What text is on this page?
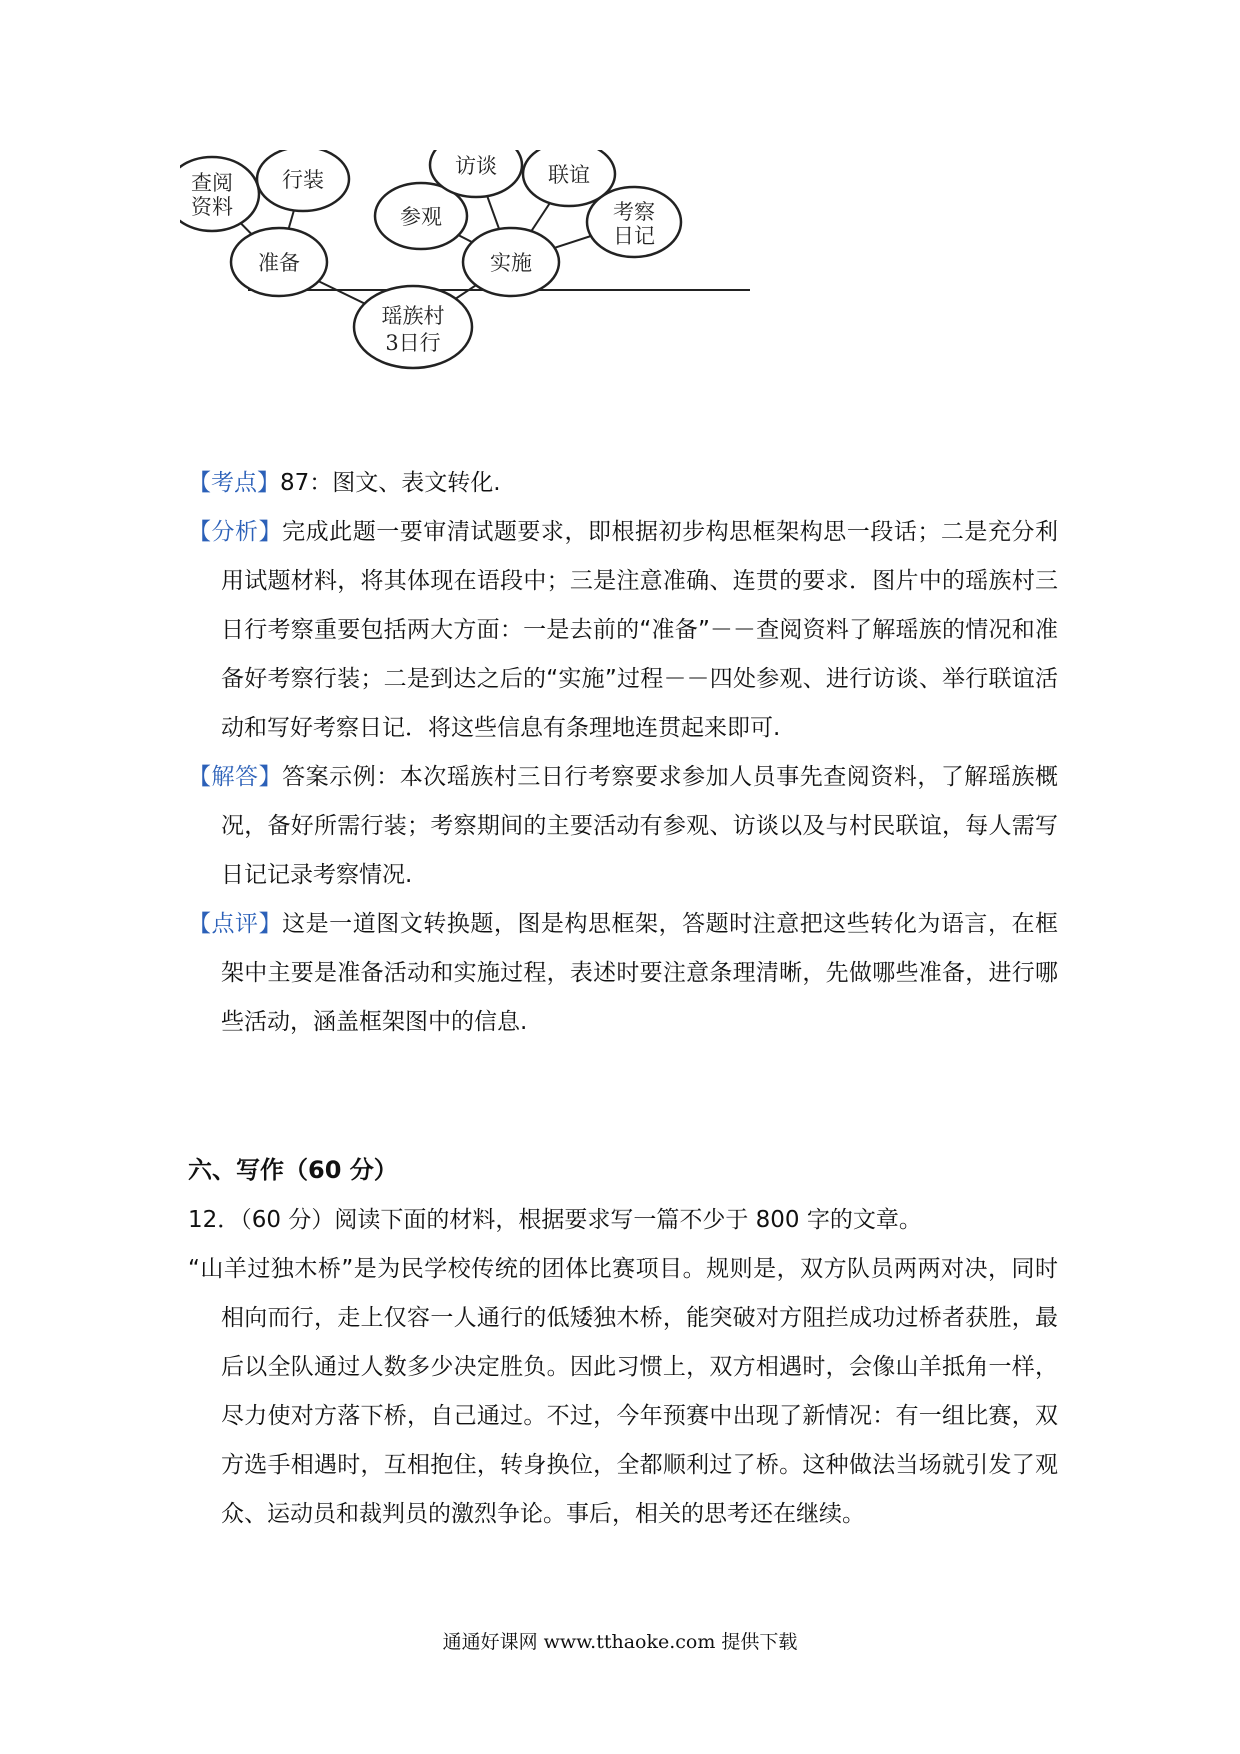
查阅
资料
行装
准备
参观
访谈 联谊
考察
日记
实施
瑶族村
3日行

【考点】87：图文、表文转化.

【分析】完成此题一要审清试题要求，即根据初步构思框架构思一段话；二是充分利用试题材料，将其体现在语段中；三是注意准确、连贯的要求．图片中的瑶族村三日行考察重要包括两大方面：一是去前的“准备”－－查阅资料了解瑶族的情况和准备好考察行装；二是到达之后的“实施”过程－－四处参观、进行访谈、举行联谊活动和写好考察日记．将这些信息有条理地连贯起来即可.

【解答】答案示例：本次瑶族村三日行考察要求参加人员事先查阅资料，了解瑶族概况，备好所需行装；考察期间的主要活动有参观、访谈以及与村民联谊，每人需写日记记录考察情况.

【点评】这是一道图文转换题，图是构思框架，答题时注意把这些转化为语言，在框架中主要是准备活动和实施过程，表述时要注意条理清晰，先做哪些准备，进行哪些活动，涵盖框架图中的信息.

六、写作（60 分）

12．（60 分）阅读下面的材料，根据要求写一篇不少于 800 字的文章。

“山羊过独木桥”是为民学校传统的团体比赛项目。规则是，双方队员两两对决，同时相向而行，走上仅容一人通行的低矮独木桥，能突破对方阻拦成功过桥者获胜，最后以全队通过人数多少决定胜负。因此习惯上，双方相遇时，会像山羊抵角一样，尽力使对方落下桥，自己通过。不过，今年预赛中出现了新情况：有一组比赛，双方选手相遇时，互相抱住，转身换位，全都顺利过了桥。这种做法当场就引发了观众、运动员和裁判员的激烈争论。事后，相关的思考还在继续。

通通好课网 www.tthaoke.com 提供下载
